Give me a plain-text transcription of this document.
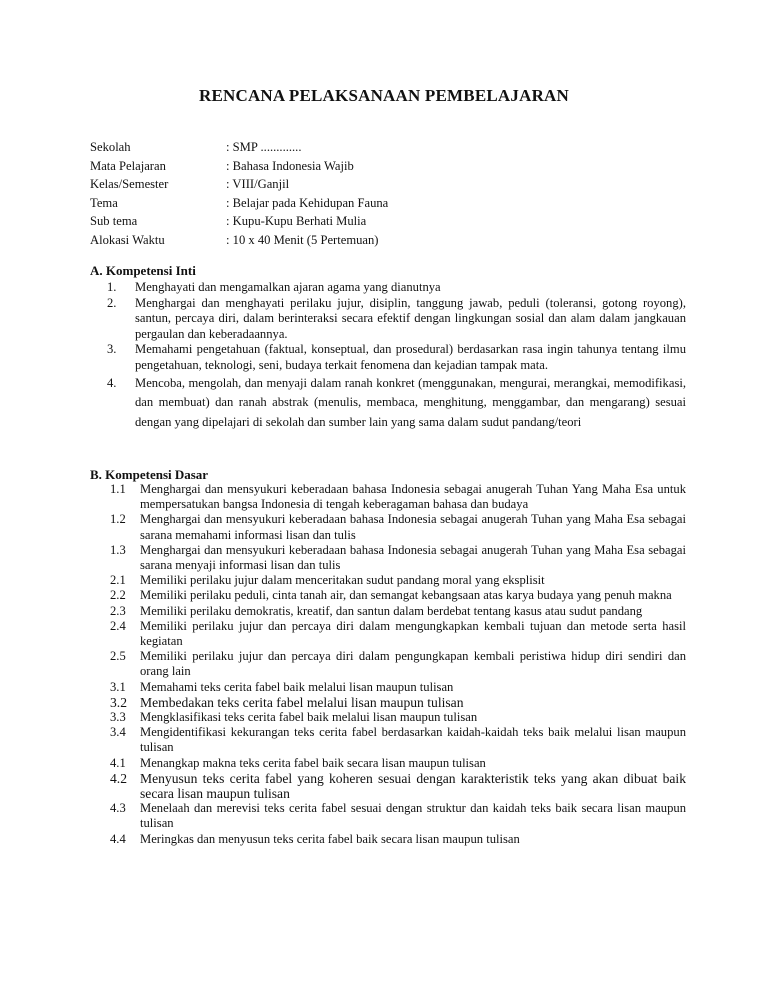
RENCANA PELAKSANAAN PEMBELAJARAN
Sekolah	: SMP .............
Mata Pelajaran	: Bahasa Indonesia Wajib
Kelas/Semester	: VIII/Ganjil
Tema	: Belajar pada Kehidupan Fauna
Sub tema	: Kupu-Kupu Berhati Mulia
Alokasi Waktu	: 10 x 40 Menit (5 Pertemuan)
A. Kompetensi Inti
1. Menghayati dan mengamalkan ajaran agama yang dianutnya
2. Menghargai dan menghayati perilaku jujur, disiplin, tanggung jawab, peduli (toleransi, gotong royong), santun, percaya diri, dalam berinteraksi secara efektif dengan lingkungan sosial dan alam dalam jangkauan pergaulan dan keberadaannya.
3. Memahami pengetahuan (faktual, konseptual, dan prosedural) berdasarkan rasa ingin tahunya tentang ilmu pengetahuan, teknologi, seni, budaya terkait fenomena dan kejadian tampak mata.
4. Mencoba, mengolah, dan menyaji dalam ranah konkret (menggunakan, mengurai, merangkai, memodifikasi, dan membuat) dan ranah abstrak (menulis, membaca, menghitung, menggambar, dan mengarang) sesuai dengan yang dipelajari di sekolah dan sumber lain yang sama dalam sudut pandang/teori
B. Kompetensi Dasar
1.1 Menghargai dan mensyukuri keberadaan bahasa Indonesia sebagai anugerah Tuhan Yang Maha Esa untuk mempersatukan bangsa Indonesia di tengah keberagaman bahasa dan budaya
1.2 Menghargai dan mensyukuri keberadaan bahasa Indonesia sebagai anugerah Tuhan yang Maha Esa sebagai sarana memahami informasi lisan dan tulis
1.3 Menghargai dan mensyukuri keberadaan bahasa Indonesia sebagai anugerah Tuhan yang Maha Esa sebagai sarana menyaji informasi lisan dan tulis
2.1 Memiliki perilaku jujur dalam menceritakan sudut pandang moral yang eksplisit
2.2 Memiliki perilaku peduli, cinta tanah air, dan semangat kebangsaan atas karya budaya yang penuh makna
2.3 Memiliki perilaku demokratis, kreatif, dan santun dalam berdebat tentang kasus atau sudut pandang
2.4 Memiliki perilaku jujur dan percaya diri dalam mengungkapkan kembali tujuan dan metode serta hasil kegiatan
2.5 Memiliki perilaku jujur dan percaya diri dalam pengungkapan kembali peristiwa hidup diri sendiri dan orang lain
3.1 Memahami teks cerita fabel baik melalui lisan maupun tulisan
3.2 Membedakan teks cerita fabel melalui lisan maupun tulisan
3.3 Mengklasifikasi teks cerita fabel baik melalui lisan maupun tulisan
3.4 Mengidentifikasi kekurangan teks cerita fabel berdasarkan kaidah-kaidah teks baik melalui lisan maupun tulisan
4.1 Menangkap makna teks cerita fabel baik secara lisan maupun tulisan
4.2 Menyusun teks cerita fabel yang koheren sesuai dengan karakteristik teks yang akan dibuat baik secara lisan maupun tulisan
4.3 Menelaah dan merevisi teks cerita fabel sesuai dengan struktur dan kaidah teks baik secara lisan maupun tulisan
4.4 Meringkas dan menyusun teks cerita fabel baik secara lisan maupun tulisan
